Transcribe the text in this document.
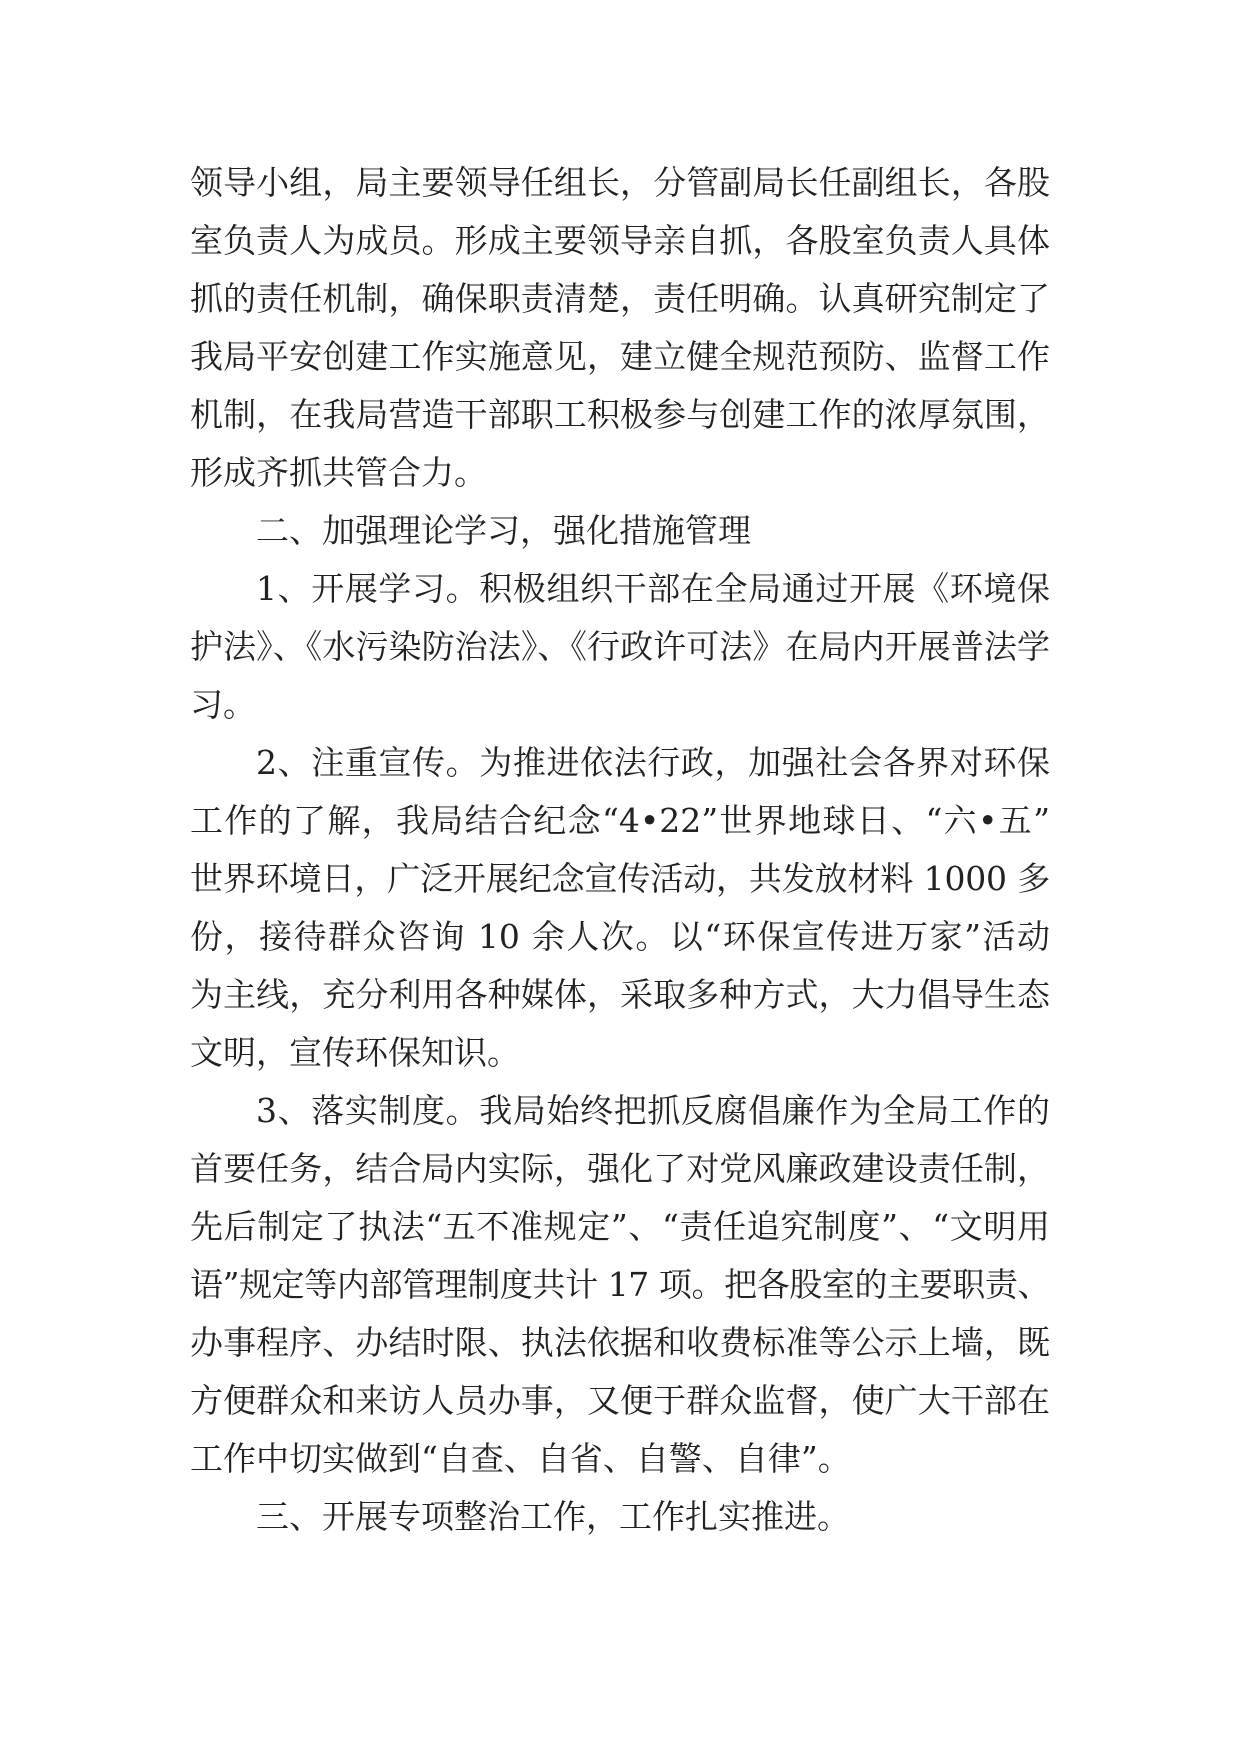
领导小组，局主要领导任组长，分管副局长任副组长，各股
室负责人为成员。形成主要领导亲自抓，各股室负责人具体
抓的责任机制，确保职责清楚，责任明确。认真研究制定了
我局平安创建工作实施意见，建立健全规范预防、监督工作
机制，在我局营造干部职工积极参与创建工作的浓厚氛围，
形成齐抓共管合力。
二、加强理论学习，强化措施管理
1、开展学习。积极组织干部在全局通过开展《环境保
护法》、《水污染防治法》、《行政许可法》在局内开展普法学
习。
2、注重宣传。为推进依法行政，加强社会各界对环保
工作的了解，我局结合纪念“4•22”世界地球日、“六•五”
世界环境日，广泛开展纪念宣传活动，共发放材料 1000 多
份，接待群众咨询 10 余人次。以“环保宣传进万家”活动
为主线，充分利用各种媒体，采取多种方式，大力倡导生态
文明，宣传环保知识。
3、落实制度。我局始终把抓反腐倡廉作为全局工作的
首要任务，结合局内实际，强化了对党风廉政建设责任制，
先后制定了执法“五不准规定”、“责任追究制度”、“文明用
语”规定等内部管理制度共计 17 项。把各股室的主要职责、
办事程序、办结时限、执法依据和收费标准等公示上墙，既
方便群众和来访人员办事，又便于群众监督，使广大干部在
工作中切实做到“自查、自省、自警、自律”。
三、开展专项整治工作，工作扎实推进。
